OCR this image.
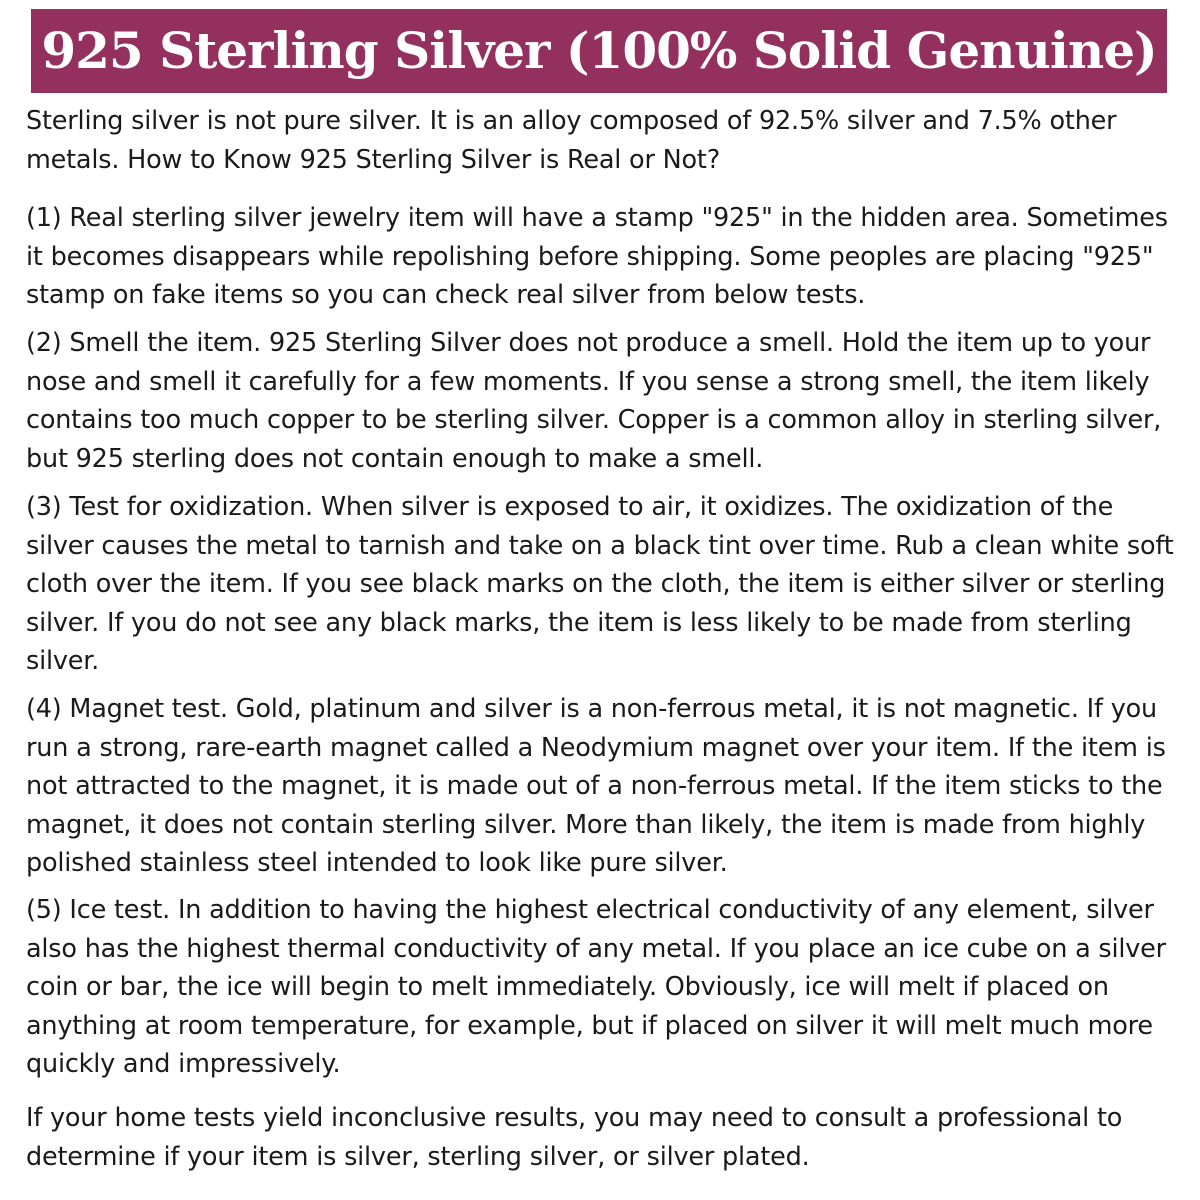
925 Sterling Silver (100% Solid Genuine)

Sterling silver is not pure silver. It is an alloy composed of 92.5% silver and 7.5% other metals. How to Know 925 Sterling Silver is Real or Not?

(1) Real sterling silver jewelry item will have a stamp "925" in the hidden area. Sometimes it becomes disappears while repolishing before shipping. Some peoples are placing "925" stamp on fake items so you can check real silver from below tests.

(2) Smell the item. 925 Sterling Silver does not produce a smell. Hold the item up to your nose and smell it carefully for a few moments. If you sense a strong smell, the item likely contains too much copper to be sterling silver. Copper is a common alloy in sterling silver, but 925 sterling does not contain enough to make a smell.

(3) Test for oxidization. When silver is exposed to air, it oxidizes. The oxidization of the silver causes the metal to tarnish and take on a black tint over time. Rub a clean white soft cloth over the item. If you see black marks on the cloth, the item is either silver or sterling silver. If you do not see any black marks, the item is less likely to be made from sterling silver.

(4) Magnet test. Gold, platinum and silver is a non-ferrous metal, it is not magnetic. If you run a strong, rare-earth magnet called a Neodymium magnet over your item. If the item is not attracted to the magnet, it is made out of a non-ferrous metal. If the item sticks to the magnet, it does not contain sterling silver. More than likely, the item is made from highly polished stainless steel intended to look like pure silver.

(5) Ice test. In addition to having the highest electrical conductivity of any element, silver also has the highest thermal conductivity of any metal. If you place an ice cube on a silver coin or bar, the ice will begin to melt immediately. Obviously, ice will melt if placed on anything at room temperature, for example, but if placed on silver it will melt much more quickly and impressively.

If your home tests yield inconclusive results, you may need to consult a professional to determine if your item is silver, sterling silver, or silver plated.
